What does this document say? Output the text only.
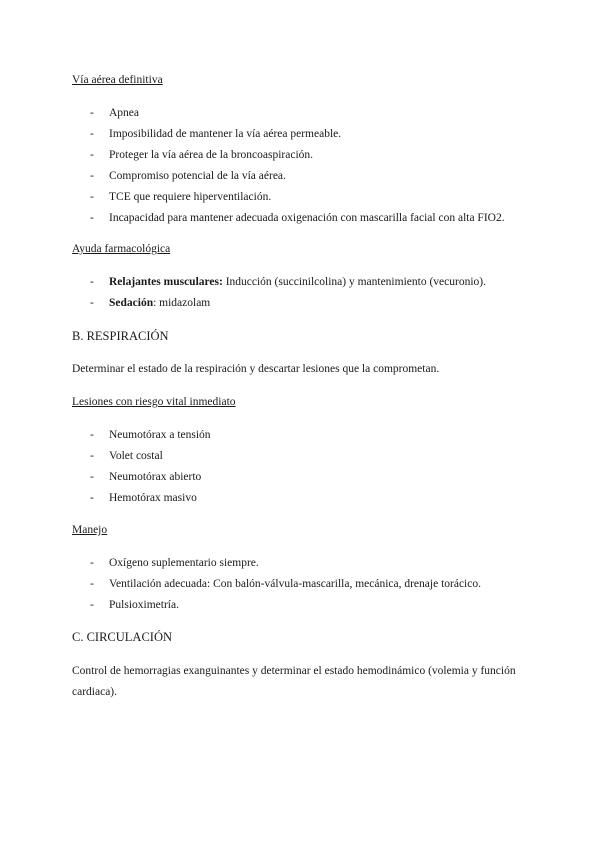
Vía aérea definitiva
- Apnea
- Imposibilidad de mantener la vía aérea permeable.
- Proteger la vía aérea de la broncoaspiración.
- Compromiso potencial de la vía aérea.
- TCE que requiere hiperventilación.
- Incapacidad para mantener adecuada oxigenación con mascarilla facial con alta FIO2.
Ayuda farmacológica
- Relajantes musculares: Inducción (succinilcolina) y mantenimiento (vecuronio).
- Sedación: midazolam
B. RESPIRACIÓN
Determinar el estado de la respiración y descartar lesiones que la comprometan.
Lesiones con riesgo vital inmediato
- Neumotórax a tensión
- Volet costal
- Neumotórax abierto
- Hemotórax masivo
Manejo
- Oxígeno suplementario siempre.
- Ventilación adecuada: Con balón-válvula-mascarilla, mecánica, drenaje torácico.
- Pulsioximetría.
C. CIRCULACIÓN
Control de hemorragias exanguinantes y determinar el estado hemodinámico (volemia y función cardiaca).
